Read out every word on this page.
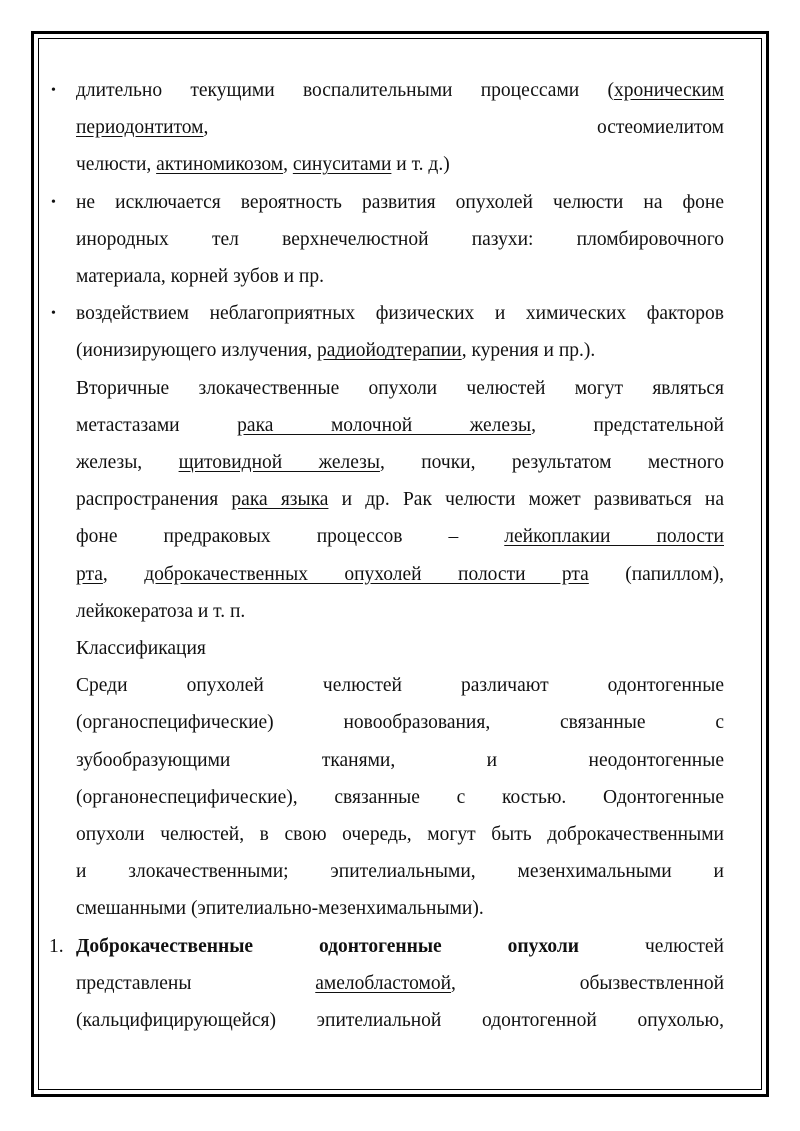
• длительно текущими воспалительными процессами (хроническим
периодонтитом,	остеомиелитом
челюсти, актиномикозом, синуситами и т. д.)
• не исключается вероятность развития опухолей челюсти на фоне
инородных тел верхнечелюстной пазухи: пломбировочного
материала, корней зубов и пр.
• воздействием неблагоприятных физических и химических факторов
(ионизирующего излучения, радиойодтерапии, курения и пр.).
Вторичные злокачественные опухоли челюстей могут являться
метастазами рака молочной железы, предстательной
железы, щитовидной железы, почки, результатом местного
распространения рака языка и др. Рак челюсти может развиваться на
фоне предраковых процессов – лейкоплакии полости
рта, доброкачественных опухолей полости рта (папиллом),
лейкокератоза и т. п.
Классификация
Среди опухолей челюстей различают одонтогенные
(органоспецифические) новообразования, связанные с
зубообразующими тканями, и неодонтогенные
(органонеспецифические), связанные с костью. Одонтогенные
опухоли челюстей, в свою очередь, могут быть доброкачественными
и злокачественными; эпителиальными, мезенхимальными и
смешанными (эпителиально-мезенхимальными).
1. Доброкачественные одонтогенные опухоли челюстей
представлены амелобластомой, обызвествленной
(кальцифицирующейся) эпителиальной одонтогенной опухолью,
